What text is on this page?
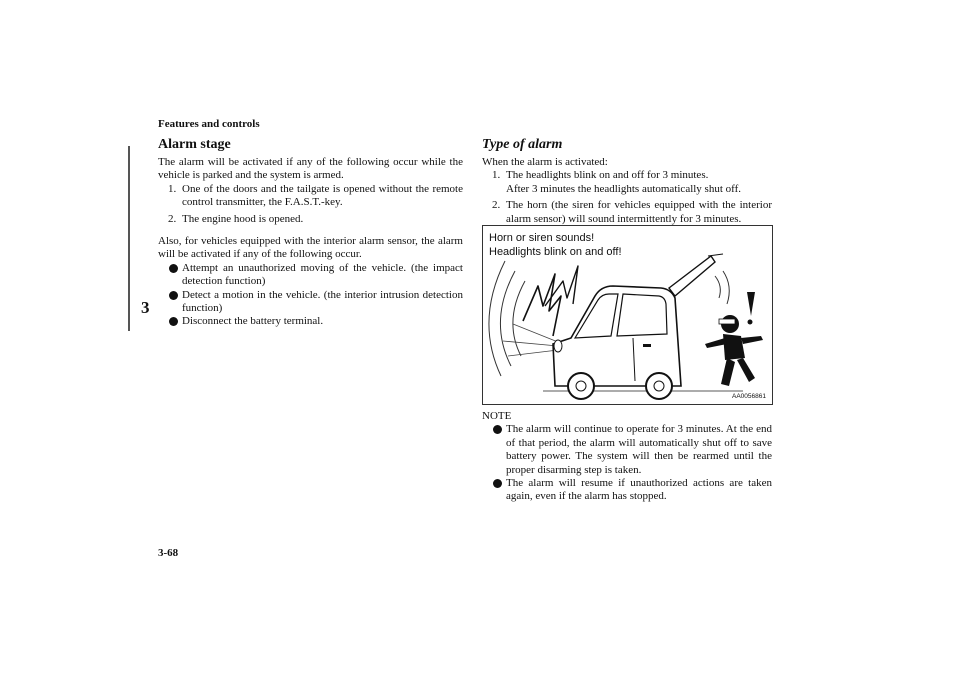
Features and controls
3
3-68
Alarm stage

The alarm will be activated if any of the following occur while the vehicle is parked and the system is armed.

1. One of the doors and the tailgate is opened without the remote control transmitter, the F.A.S.T.-key.
2. The engine hood is opened.

Also, for vehicles equipped with the interior alarm sensor, the alarm will be activated if any of the following occur.

Attempt an unauthorized moving of the vehicle. (the impact detection function)
Detect a motion in the vehicle. (the interior intrusion detection function)
Disconnect the battery terminal.
Type of alarm

When the alarm is activated:

1. The headlights blink on and off for 3 minutes.
After 3 minutes the headlights automatically shut off.
2. The horn (the siren for vehicles equipped with the interior alarm sensor) will sound intermittently for 3 minutes.
Horn or siren sounds!
Headlights blink on and off!
AA0056861
NOTE
The alarm will continue to operate for 3 minutes. At the end of that period, the alarm will automatically shut off to save battery power. The system will then be rearmed until the proper disarming step is taken.
The alarm will resume if unauthorized actions are taken again, even if the alarm has stopped.
